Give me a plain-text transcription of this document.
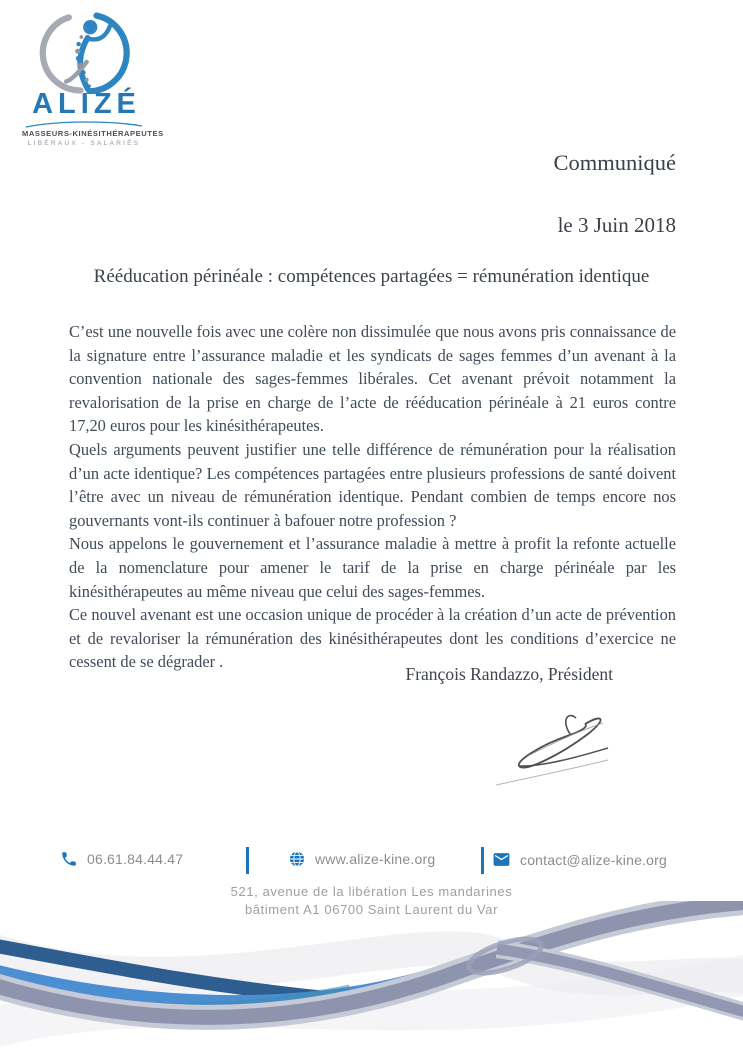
ALIZÉ
MASSEURS-KINÉSITHÉRAPEUTES
LIBÉRAUX - SALARIÉS
Communiqué
le 3 Juin 2018
Rééducation périnéale : compétences partagées = rémunération identique

C’est une nouvelle fois avec une colère non dissimulée que nous avons pris connaissance de la signature entre l’assurance maladie et les syndicats de sages femmes d’un avenant à la convention nationale des sages-femmes libérales. Cet avenant prévoit notamment la revalorisation de la prise en charge de l’acte de rééducation périnéale à 21 euros contre 17,20 euros pour les kinésithérapeutes.

Quels arguments peuvent justifier une telle différence de rémunération pour la réalisation d’un acte identique? Les compétences partagées entre plusieurs professions de santé doivent l’être avec un niveau de rémunération identique. Pendant combien de temps encore nos gouvernants vont-ils continuer à bafouer notre profession ?

Nous appelons le gouvernement et l’assurance maladie à mettre à profit la refonte actuelle de la nomenclature pour amener le tarif de la prise en charge périnéale par les kinésithérapeutes au même niveau que celui des sages-femmes.

Ce nouvel avenant est une occasion unique de procéder à la création d’un acte de prévention et de revaloriser la rémunération des kinésithérapeutes dont les conditions d’exercice ne cessent de se dégrader .

François Randazzo, Président
06.61.84.44.47	www.alize-kine.org	contact@alize-kine.org
521, avenue de la libération Les mandarines
bâtiment A1 06700 Saint Laurent du Var
